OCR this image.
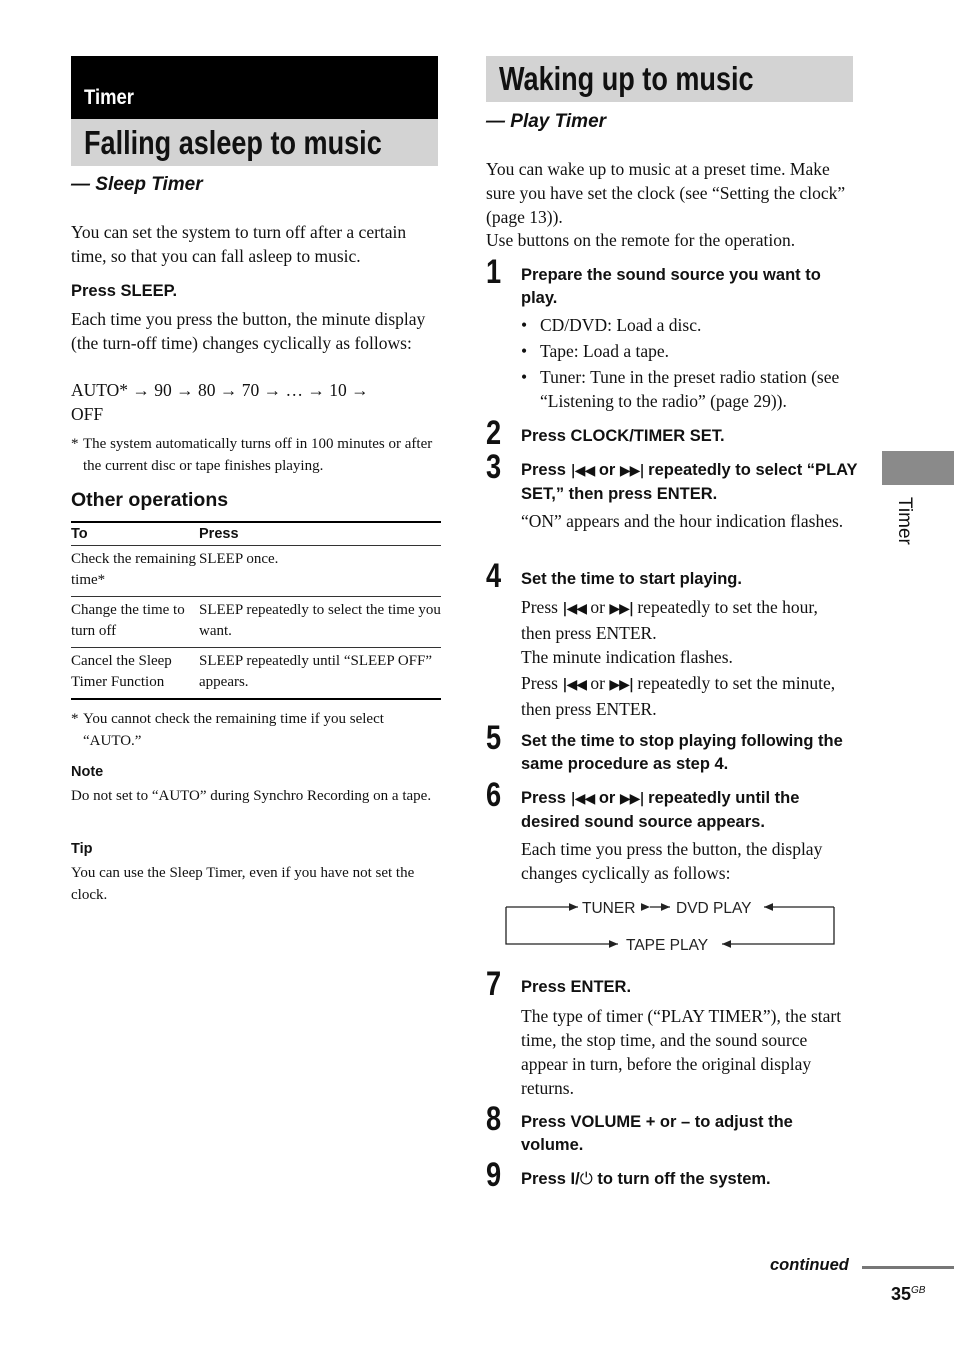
Timer
Falling asleep to music
— Sleep Timer
You can set the system to turn off after a certain time, so that you can fall asleep to music.
Press SLEEP.
Each time you press the button, the minute display (the turn-off time) changes cyclically as follows:
AUTO* → 90 → 80 → 70 → … → 10 →
OFF
* The system automatically turns off in 100 minutes or after the current disc or tape finishes playing.
Other operations
To	Press
Check the remaining time*	SLEEP once.
Change the time to turn off	SLEEP repeatedly to select the time you want.
Cancel the Sleep Timer Function	SLEEP repeatedly until “SLEEP OFF” appears.
* You cannot check the remaining time if you select “AUTO.”
Note
Do not set to “AUTO” during Synchro Recording on a tape.
Tip
You can use the Sleep Timer, even if you have not set the clock.
Waking up to music
— Play Timer
You can wake up to music at a preset time. Make sure you have set the clock (see “Setting the clock” (page 13)).
Use buttons on the remote for the operation.
1 Prepare the sound source you want to play.
• CD/DVD: Load a disc.
• Tape: Load a tape.
• Tuner: Tune in the preset radio station (see “Listening to the radio” (page 29)).
2 Press CLOCK/TIMER SET.
3 Press |◀◀ or ▶▶| repeatedly to select “PLAY SET,” then press ENTER.
“ON” appears and the hour indication flashes.
4 Set the time to start playing.
Press |◀◀ or ▶▶| repeatedly to set the hour, then press ENTER.
The minute indication flashes.
Press |◀◀ or ▶▶| repeatedly to set the minute, then press ENTER.
5 Set the time to stop playing following the same procedure as step 4.
6 Press |◀◀ or ▶▶| repeatedly until the desired sound source appears.
Each time you press the button, the display changes cyclically as follows:
TUNER	DVD PLAY
TAPE PLAY
7 Press ENTER.
The type of timer (“PLAY TIMER”), the start time, the stop time, and the sound source appear in turn, before the original display returns.
8 Press VOLUME + or – to adjust the volume.
9 Press I/⏻ to turn off the system.
Timer
continued
$35^{GB}$
